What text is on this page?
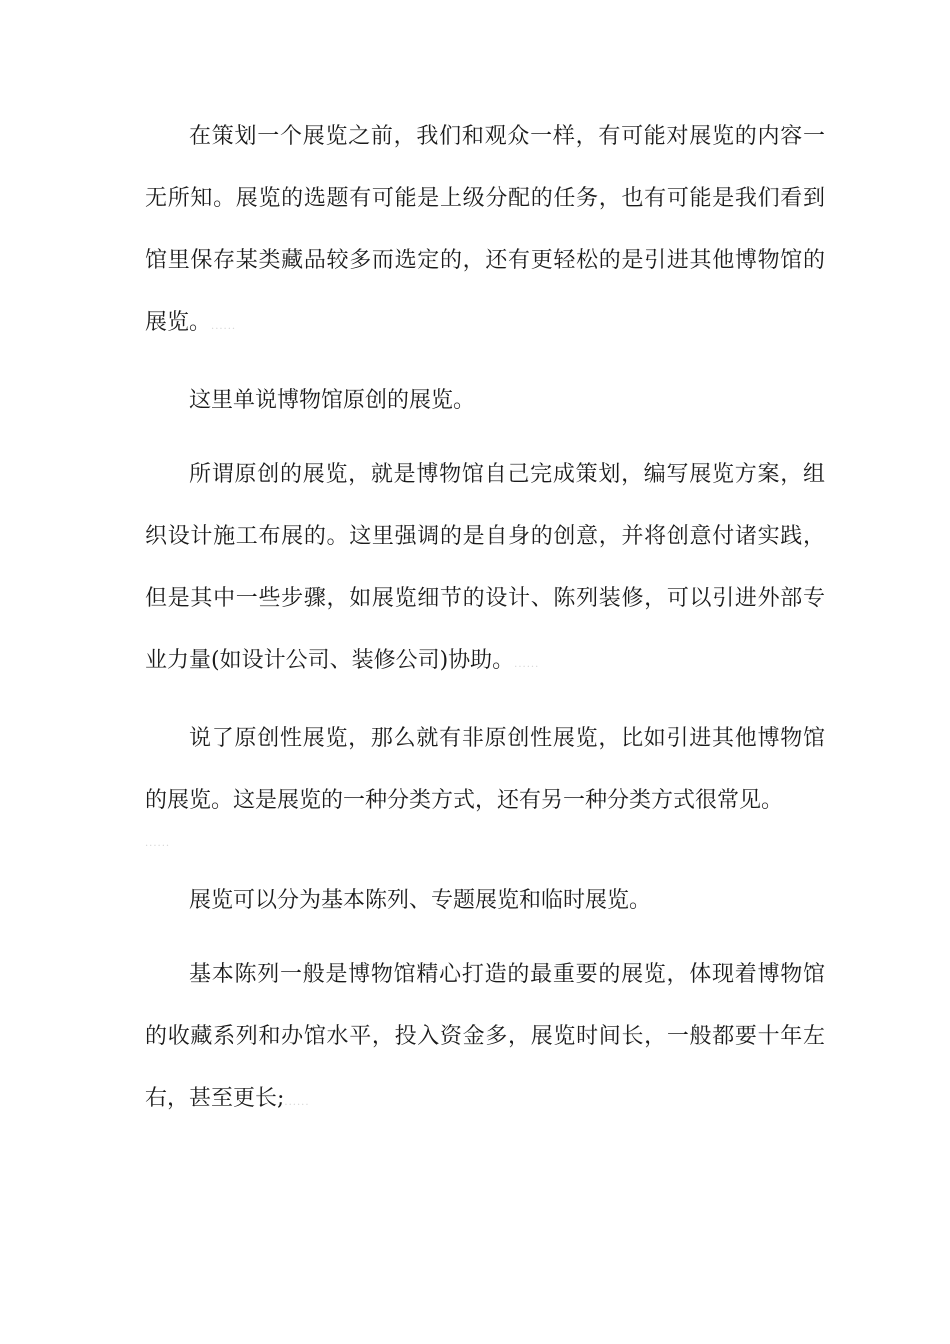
在策划一个展览之前，我们和观众一样，有可能对展览的内容一无所知。展览的选题有可能是上级分配的任务，也有可能是我们看到馆里保存某类藏品较多而选定的，还有更轻松的是引进其他博物馆的展览。......

这里单说博物馆原创的展览。

所谓原创的展览，就是博物馆自己完成策划，编写展览方案，组织设计施工布展的。这里强调的是自身的创意，并将创意付诸实践，但是其中一些步骤，如展览细节的设计、陈列装修，可以引进外部专业力量(如设计公司、装修公司)协助。......

说了原创性展览，那么就有非原创性展览，比如引进其他博物馆的展览。这是展览的一种分类方式，还有另一种分类方式很常见。

......

展览可以分为基本陈列、专题展览和临时展览。

基本陈列一般是博物馆精心打造的最重要的展览，体现着博物馆的收藏系列和办馆水平，投入资金多，展览时间长，一般都要十年左右，甚至更长;......
